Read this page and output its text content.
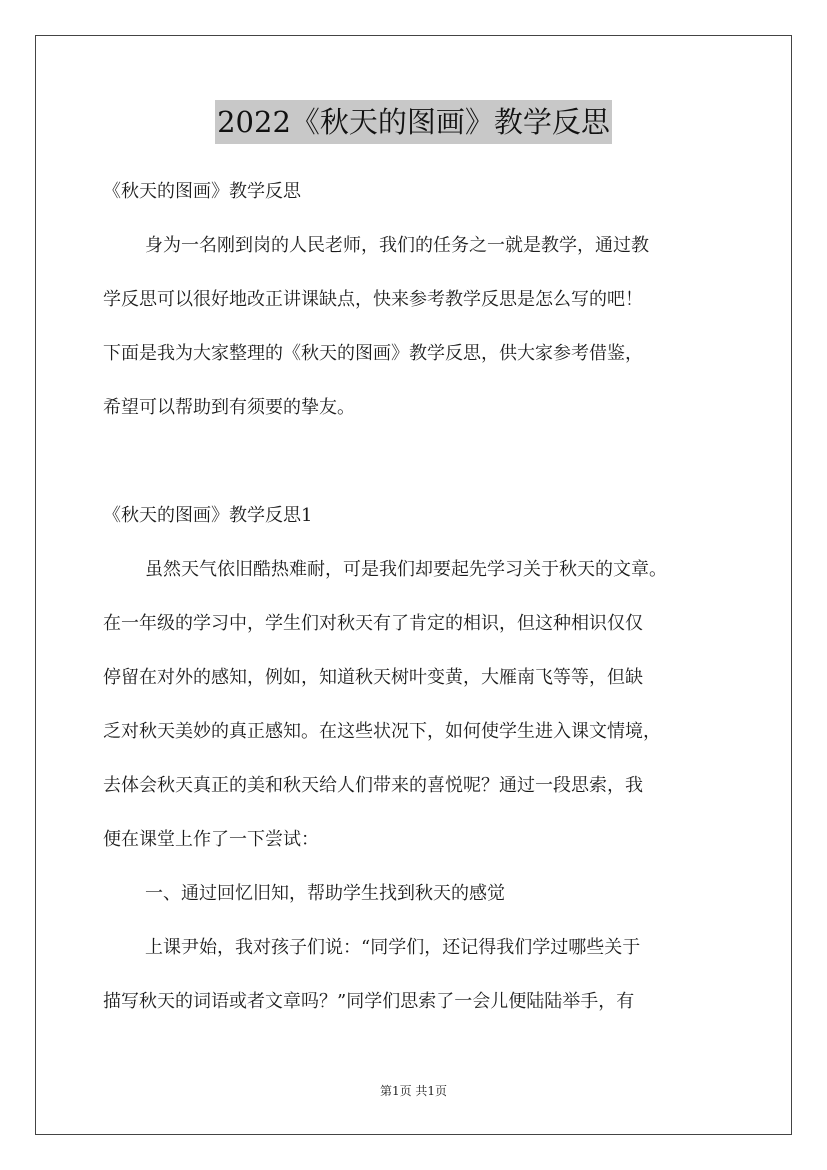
2022《秋天的图画》教学反思
《秋天的图画》教学反思
身为一名刚到岗的人民老师，我们的任务之一就是教学，通过教
学反思可以很好地改正讲课缺点，快来参考教学反思是怎么写的吧！
下面是我为大家整理的《秋天的图画》教学反思，供大家参考借鉴，
希望可以帮助到有须要的挚友。
《秋天的图画》教学反思1
虽然天气依旧酷热难耐，可是我们却要起先学习关于秋天的文章。
在一年级的学习中，学生们对秋天有了肯定的相识，但这种相识仅仅
停留在对外的感知，例如，知道秋天树叶变黄，大雁南飞等等，但缺
乏对秋天美妙的真正感知。在这些状况下，如何使学生进入课文情境，
去体会秋天真正的美和秋天给人们带来的喜悦呢？通过一段思索，我
便在课堂上作了一下尝试：
一、通过回忆旧知，帮助学生找到秋天的感觉
上课尹始，我对孩子们说：“同学们，还记得我们学过哪些关于
描写秋天的词语或者文章吗？”同学们思索了一会儿便陆陆举手，有
第1页 共1页
